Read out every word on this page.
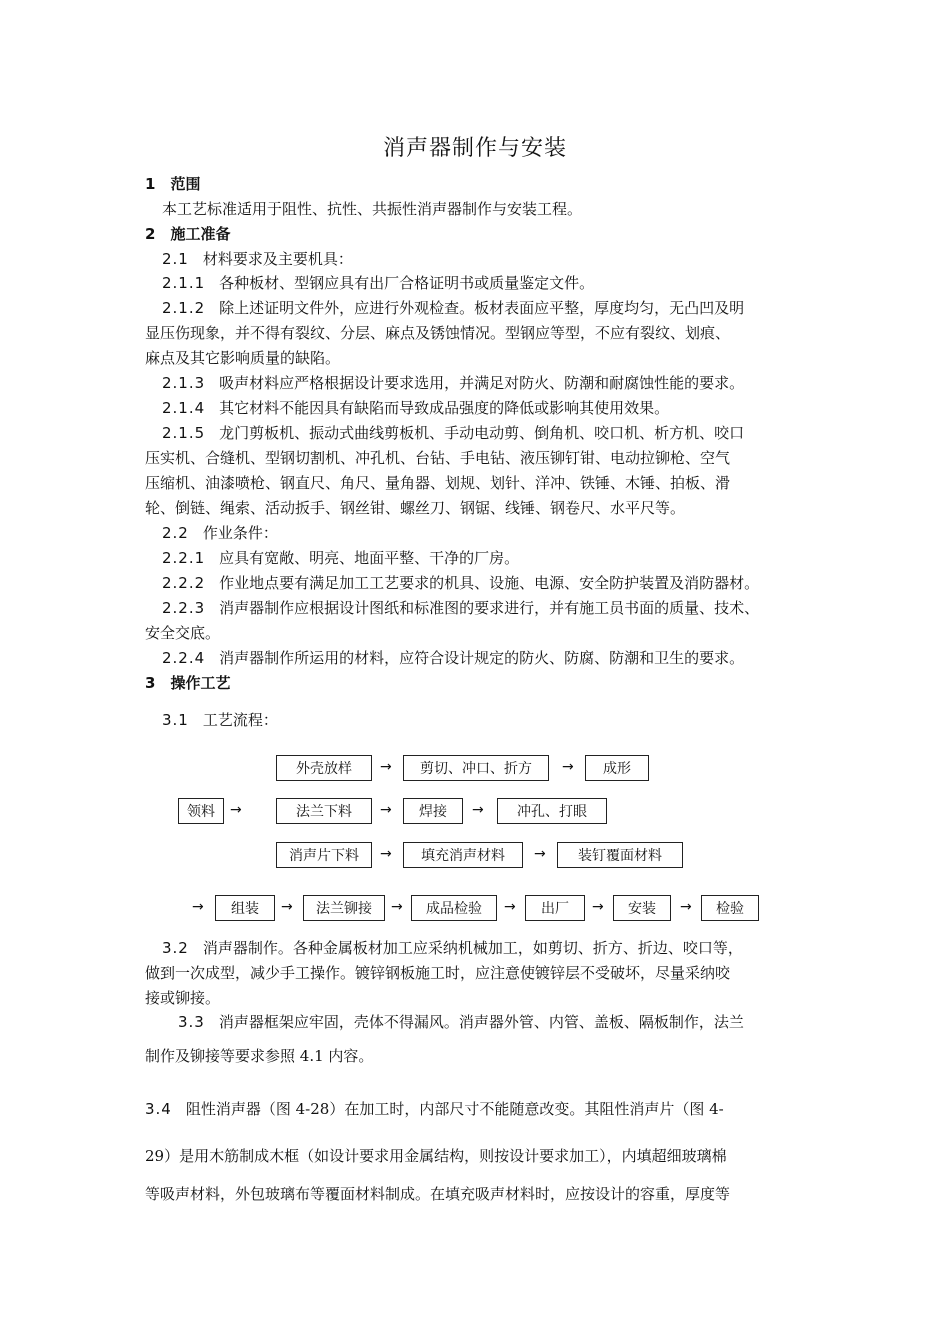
消声器制作与安装
1 范围
本工艺标准适用于阻性、抗性、共振性消声器制作与安装工程。
2 施工准备
2.1 材料要求及主要机具：
2.1.1 各种板材、型钢应具有出厂合格证明书或质量鉴定文件。
2.1.2 除上述证明文件外，应进行外观检查。板材表面应平整，厚度均匀，无凸凹及明
显压伤现象，并不得有裂纹、分层、麻点及锈蚀情况。型钢应等型，不应有裂纹、划痕、
麻点及其它影响质量的缺陷。
2.1.3 吸声材料应严格根据设计要求选用，并满足对防火、防潮和耐腐蚀性能的要求。
2.1.4 其它材料不能因具有缺陷而导致成品强度的降低或影响其使用效果。
2.1.5 龙门剪板机、振动式曲线剪板机、手动电动剪、倒角机、咬口机、析方机、咬口
压实机、合缝机、型钢切割机、冲孔机、台钻、手电钻、液压铆钉钳、电动拉铆枪、空气
压缩机、油漆喷枪、钢直尺、角尺、量角器、划规、划针、洋冲、铁锤、木锤、拍板、滑
轮、倒链、绳索、活动扳手、钢丝钳、螺丝刀、钢锯、线锤、钢卷尺、水平尺等。
2.2 作业条件：
2.2.1 应具有宽敞、明亮、地面平整、干净的厂房。
2.2.2 作业地点要有满足加工工艺要求的机具、设施、电源、安全防护装置及消防器材。
2.2.3 消声器制作应根据设计图纸和标准图的要求进行，并有施工员书面的质量、技术、
安全交底。
2.2.4 消声器制作所运用的材料，应符合设计规定的防火、防腐、防潮和卫生的要求。
3 操作工艺
3.1 工艺流程：
外壳放样	→	剪切、冲口、折方	→	成形
领料	→	法兰下料	→	焊接	→	冲孔、打眼
消声片下料	→	填充消声材料	→	装钉覆面材料
→	组装	→	法兰铆接	→	成品检验	→	出厂	→	安装	→	检验
3.2 消声器制作。各种金属板材加工应采纳机械加工，如剪切、折方、折边、咬口等，
做到一次成型，减少手工操作。镀锌钢板施工时，应注意使镀锌层不受破坏，尽量采纳咬
接或铆接。
3.3 消声器框架应牢固，壳体不得漏风。消声器外管、内管、盖板、隔板制作，法兰
制作及铆接等要求参照 4.1 内容。
3.4 阻性消声器（图 4-28）在加工时，内部尺寸不能随意改变。其阻性消声片（图 4-
29）是用木筋制成木框（如设计要求用金属结构，则按设计要求加工），内填超细玻璃棉
等吸声材料，外包玻璃布等覆面材料制成。在填充吸声材料时，应按设计的容重，厚度等
